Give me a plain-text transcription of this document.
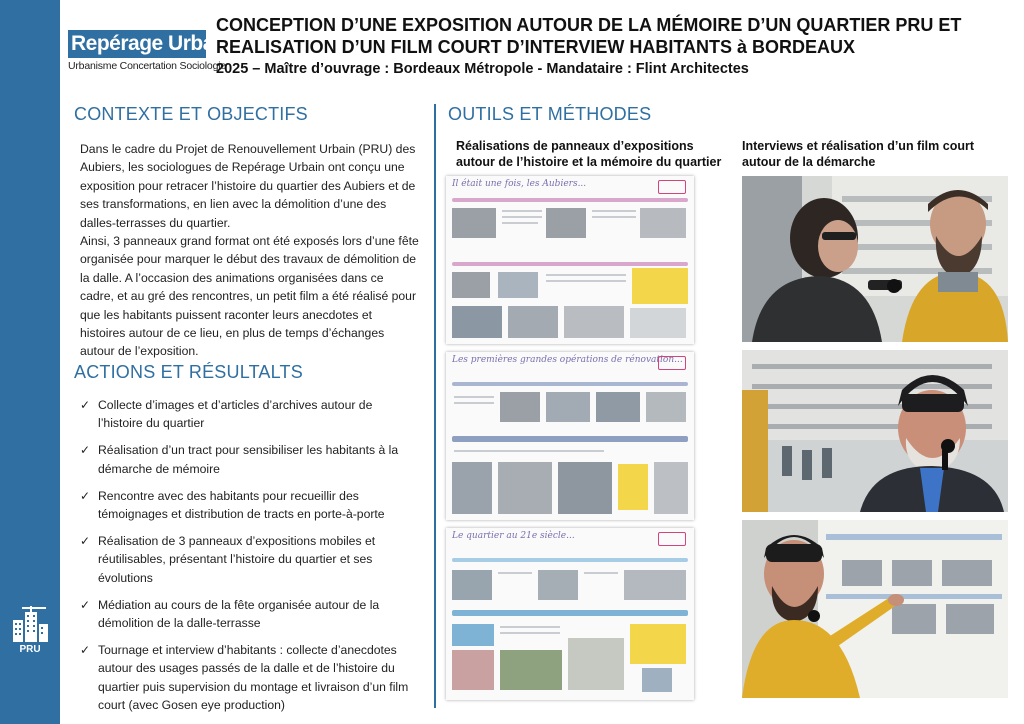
PRU
Repérage Urbain
Urbanisme Concertation Sociologie
CONCEPTION D’UNE EXPOSITION AUTOUR DE LA MÉMOIRE D’UN QUARTIER PRU ET REALISATION D’UN FILM COURT D’INTERVIEW HABITANTS à BORDEAUX
2025 – Maître d’ouvrage : Bordeaux Métropole - Mandataire : Flint Architectes
CONTEXTE ET OBJECTIFS

Dans le cadre du Projet de Renouvellement Urbain (PRU) des Aubiers, les sociologues de Repérage Urbain ont conçu une exposition pour retracer l’histoire du quartier des Aubiers et de ses transformations, en lien avec la démolition d’une des dalles-terrasses du quartier.

Ainsi, 3 panneaux grand format ont été exposés lors d’une fête organisée pour marquer le début des travaux de démolition de la dalle. A l’occasion des animations organisées dans ce cadre, et au gré des rencontres, un petit film a été réalisé pour que les habitants puissent raconter leurs anecdotes et histoires autour de ce lieu, en plus de temps d’échanges autour de l’exposition.

ACTIONS ET RÉSULTALTS
✓ Collecte d’images et d’articles d’archives autour de l’histoire du quartier
✓ Réalisation d’un tract pour sensibiliser les habitants à la démarche de mémoire
✓ Rencontre avec des habitants pour recueillir des témoignages et distribution de tracts en porte-à-porte
✓ Réalisation de 3 panneaux d’expositions mobiles et réutilisables, présentant l’histoire du quartier et ses évolutions
✓ Médiation au cours de la fête organisée autour de la démolition de la dalle-terrasse
✓ Tournage et interview d’habitants : collecte d’anecdotes autour des usages passés de la dalle et de l’histoire du quartier puis supervision du montage et livraison d’un film court (avec Gosen eye production)
OUTILS ET MÉTHODES
Réalisations de panneaux d’expositions autour de l’histoire et la mémoire du quartier
Interviews et réalisation d’un film court autour de la démarche
Il était une fois, les Aubiers...
Les premières grandes opérations de rénovation...
Le quartier au 21e siècle...
